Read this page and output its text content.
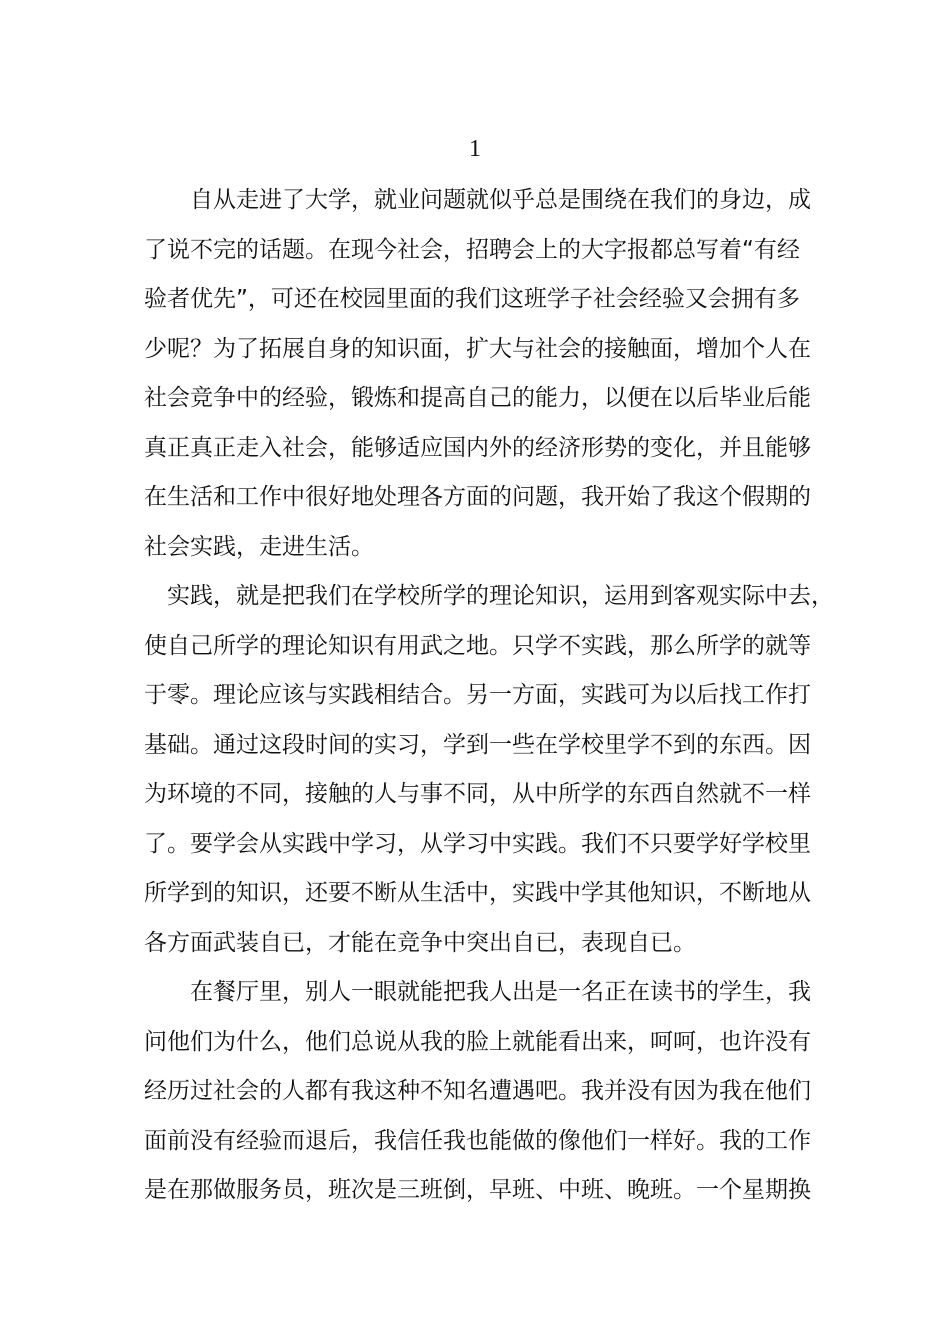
1
自从走进了大学，就业问题就似乎总是围绕在我们的身边，成
了说不完的话题。在现今社会，招聘会上的大字报都总写着“有经
验者优先”，可还在校园里面的我们这班学子社会经验又会拥有多
少呢？为了拓展自身的知识面，扩大与社会的接触面，增加个人在
社会竞争中的经验，锻炼和提高自己的能力，以便在以后毕业后能
真正真正走入社会，能够适应国内外的经济形势的变化，并且能够
在生活和工作中很好地处理各方面的问题，我开始了我这个假期的
社会实践，走进生活。
实践，就是把我们在学校所学的理论知识，运用到客观实际中去，
使自己所学的理论知识有用武之地。只学不实践，那么所学的就等
于零。理论应该与实践相结合。另一方面，实践可为以后找工作打
基础。通过这段时间的实习，学到一些在学校里学不到的东西。因
为环境的不同，接触的人与事不同，从中所学的东西自然就不一样
了。要学会从实践中学习，从学习中实践。我们不只要学好学校里
所学到的知识，还要不断从生活中，实践中学其他知识，不断地从
各方面武装自已，才能在竞争中突出自已，表现自已。
在餐厅里，别人一眼就能把我人出是一名正在读书的学生，我
问他们为什么，他们总说从我的脸上就能看出来，呵呵，也许没有
经历过社会的人都有我这种不知名遭遇吧。我并没有因为我在他们
面前没有经验而退后，我信任我也能做的像他们一样好。我的工作
是在那做服务员，班次是三班倒，早班、中班、晚班。一个星期换
